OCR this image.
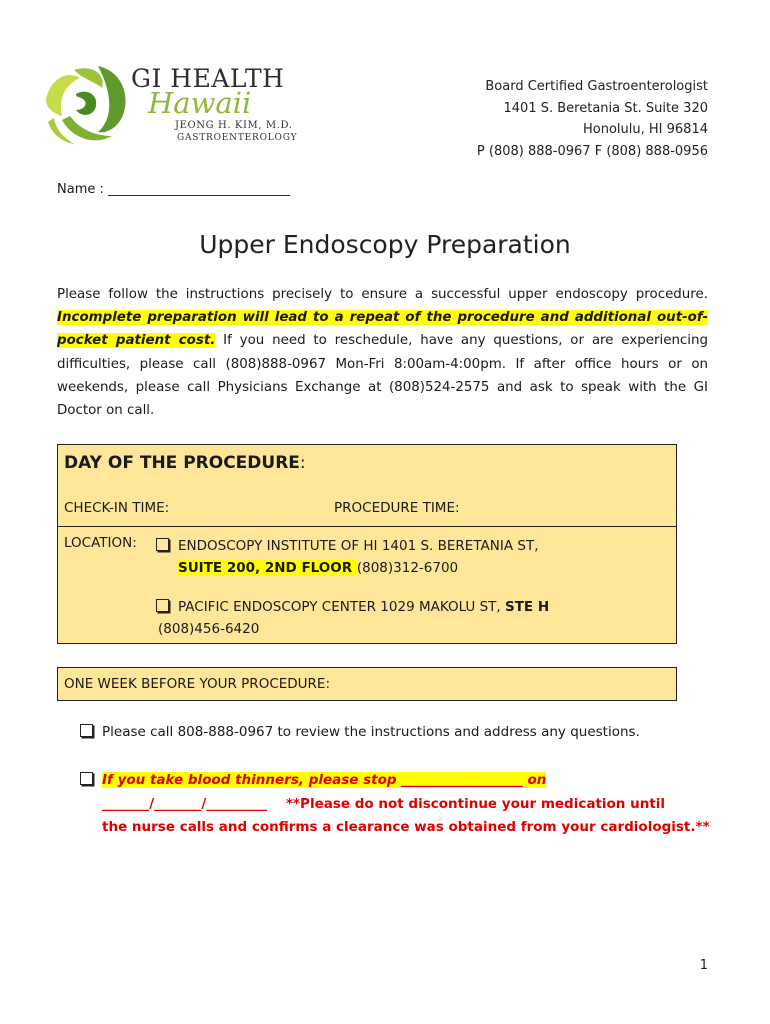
GI HEALTH
Hawaii
JEONG H. KIM, M.D.
GASTROENTEROLOGY
Board Certified Gastroenterologist
1401 S. Beretania St. Suite 320
Honolulu, HI 96814
P (808) 888-0967 F (808) 888-0956
Name : ____________________________
Upper Endoscopy Preparation
Please follow the instructions precisely to ensure a successful upper endoscopy procedure. Incomplete preparation will lead to a repeat of the procedure and additional out-of-pocket patient cost. If you need to reschedule, have any questions, or are experiencing difficulties, please call (808)888-0967 Mon-Fri 8:00am-4:00pm. If after office hours or on weekends, please call Physicians Exchange at (808)524-2575 and ask to speak with the GI Doctor on call.
DAY OF THE PROCEDURE:
CHECK-IN TIME:	PROCEDURE TIME:
LOCATION:	ENDOSCOPY INSTITUTE OF HI 1401 S. BERETANIA ST,
SUITE 200, 2ND FLOOR (808)312-6700
PACIFIC ENDOSCOPY CENTER 1029 MAKOLU ST, STE H
(808)456-6420
ONE WEEK BEFORE YOUR PROCEDURE:
Please call 808-888-0967 to review the instructions and address any questions.
If you take blood thinners, please stop __________________ on
_______/_______/_________ **Please do not discontinue your medication until
the nurse calls and confirms a clearance was obtained from your cardiologist.**
1
